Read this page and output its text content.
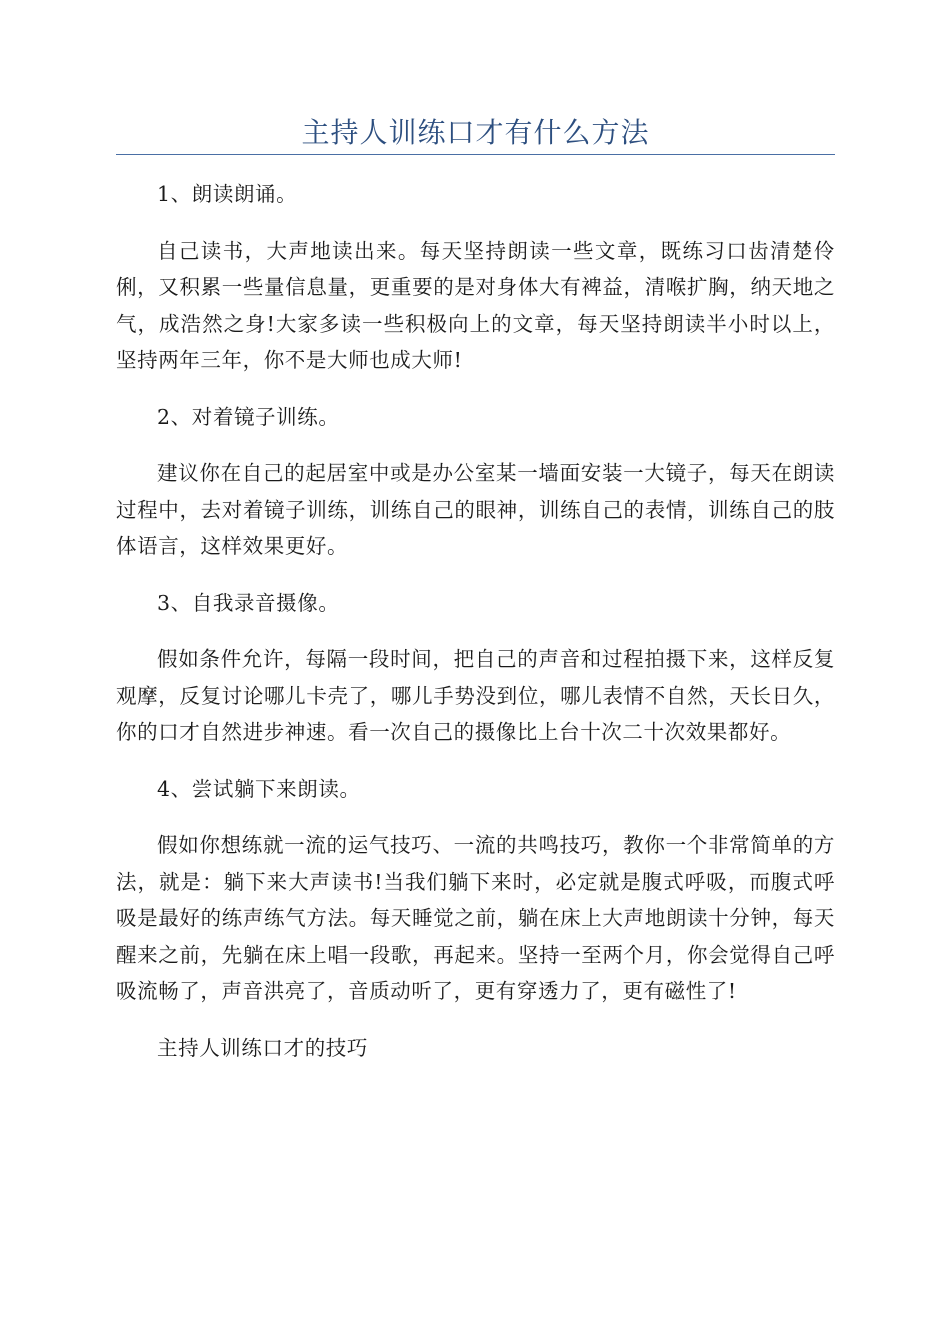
主持人训练口才有什么方法

1、朗读朗诵。

自己读书，大声地读出来。每天坚持朗读一些文章，既练习口齿清楚伶俐，又积累一些量信息量，更重要的是对身体大有裨益，清喉扩胸，纳天地之气，成浩然之身!大家多读一些积极向上的文章，每天坚持朗读半小时以上，坚持两年三年，你不是大师也成大师!

2、对着镜子训练。

建议你在自己的起居室中或是办公室某一墙面安装一大镜子，每天在朗读过程中，去对着镜子训练，训练自己的眼神，训练自己的表情，训练自己的肢体语言，这样效果更好。

3、自我录音摄像。

假如条件允许，每隔一段时间，把自己的声音和过程拍摄下来，这样反复观摩，反复讨论哪儿卡壳了，哪儿手势没到位，哪儿表情不自然，天长日久，你的口才自然进步神速。看一次自己的摄像比上台十次二十次效果都好。

4、尝试躺下来朗读。

假如你想练就一流的运气技巧、一流的共鸣技巧，教你一个非常简单的方法，就是：躺下来大声读书!当我们躺下来时，必定就是腹式呼吸，而腹式呼吸是最好的练声练气方法。每天睡觉之前，躺在床上大声地朗读十分钟，每天醒来之前，先躺在床上唱一段歌，再起来。坚持一至两个月，你会觉得自己呼吸流畅了，声音洪亮了，音质动听了，更有穿透力了，更有磁性了!

主持人训练口才的技巧
